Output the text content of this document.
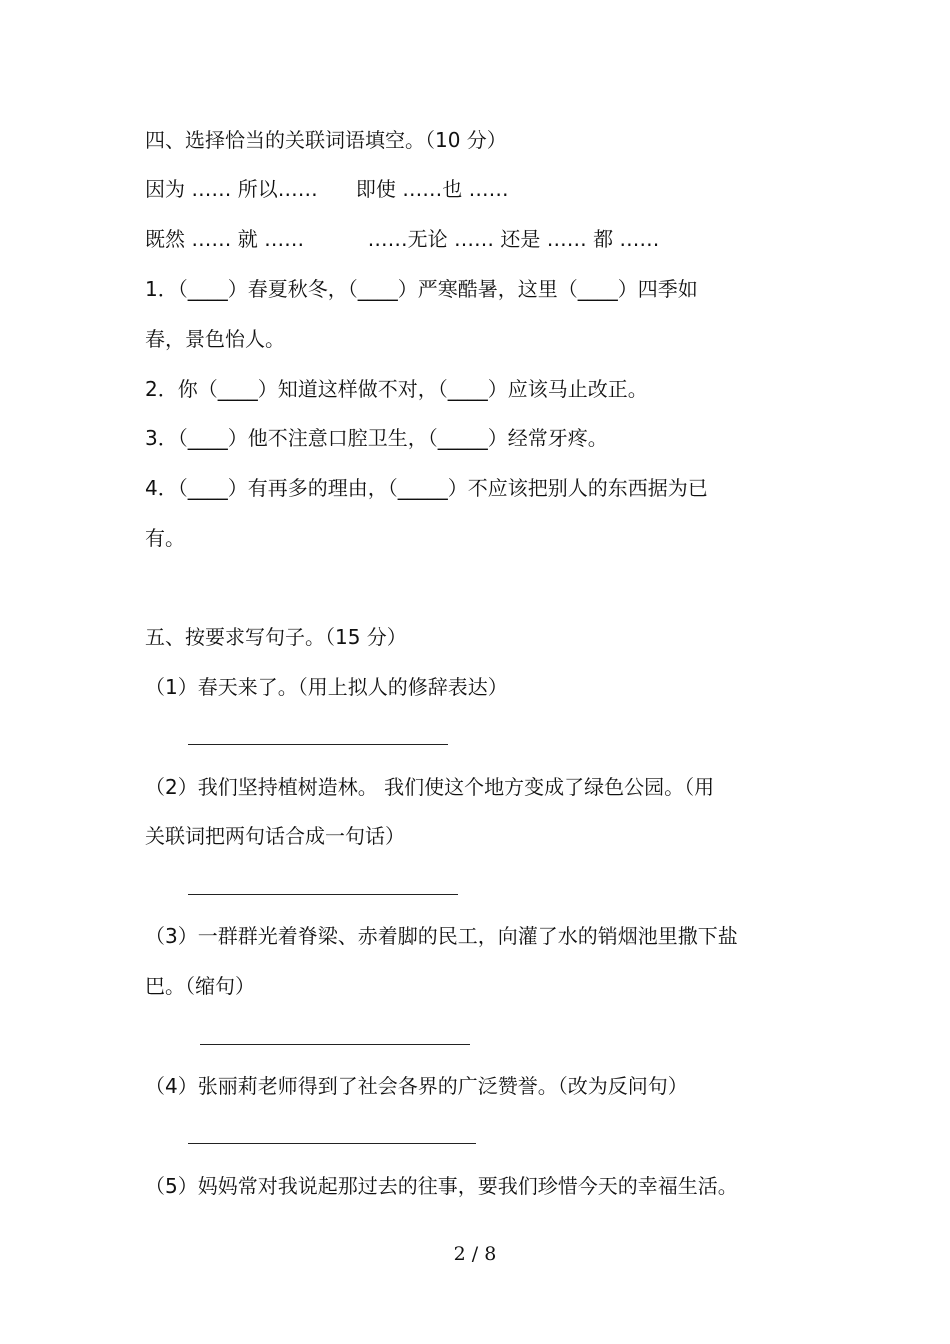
四、选择恰当的关联词语填空。（10 分）
因为 …… 所以……      即使 ……也 ……
既然 …… 就 ……          ……无论 …… 还是 …… 都 ……
1．（____）春夏秋冬，（____）严寒酷暑，这里（____）四季如
春，景色怡人。
2．你（____）知道这样做不对，（____）应该马止改正。
3．（____）他不注意口腔卫生，（_____）经常牙疼。
4．（____）有再多的理由，（_____）不应该把别人的东西据为已
有。
五、按要求写句子。（15 分）
（1）春天来了。（用上拟人的修辞表达）
（2）我们坚持植树造林。 我们使这个地方变成了绿色公园。（用
关联词把两句话合成一句话）
（3）一群群光着脊梁、赤着脚的民工，向灌了水的销烟池里撒下盐
巴。（缩句）
（4）张丽莉老师得到了社会各界的广泛赞誉。（改为反问句）
（5）妈妈常对我说起那过去的往事，要我们珍惜今天的幸福生活。
2 / 8
